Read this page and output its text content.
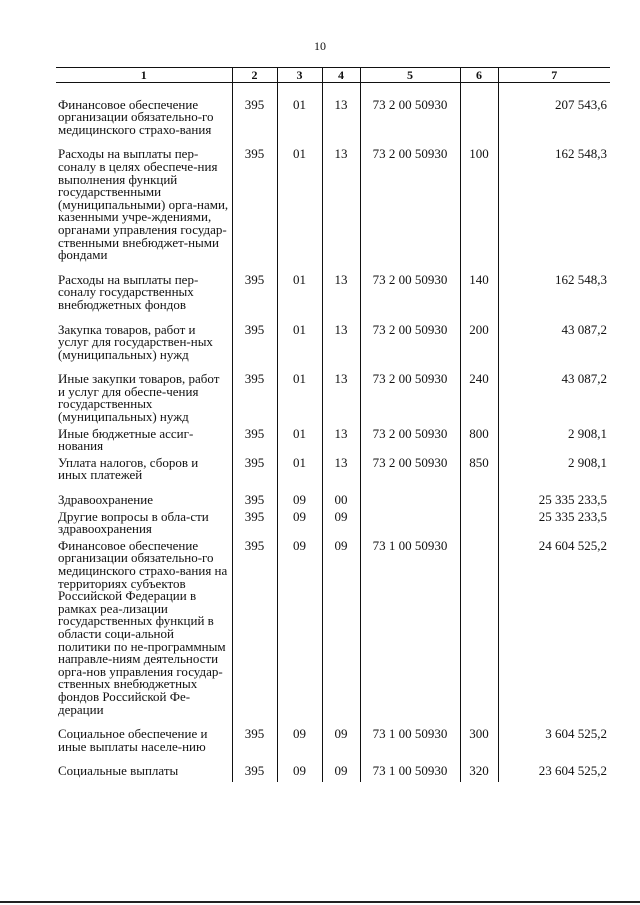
10
1	2	3	4	5	6	7
Финансовое обеспечение организации обязательно-го медицинского страхо-вания	395	01	13	73 2 00 50930		207 543,6
Расходы на выплаты пер-соналу в целях обеспече-ния выполнения функций государственными (муниципальными) орга-нами, казенными учре-ждениями, органами управления государ-ственными внебюджет-ными фондами	395	01	13	73 2 00 50930	100	162 548,3
Расходы на выплаты пер-соналу государственных внебюджетных фондов	395	01	13	73 2 00 50930	140	162 548,3
Закупка товаров, работ и услуг для государствен-ных (муниципальных) нужд	395	01	13	73 2 00 50930	200	43 087,2
Иные закупки товаров, работ и услуг для обеспе-чения государственных (муниципальных) нужд	395	01	13	73 2 00 50930	240	43 087,2
Иные бюджетные ассиг-нования	395	01	13	73 2 00 50930	800	2 908,1
Уплата налогов, сборов и иных платежей	395	01	13	73 2 00 50930	850	2 908,1
Здравоохранение	395	09	00			25 335 233,5
Другие вопросы в обла-сти здравоохранения	395	09	09			25 335 233,5
Финансовое обеспечение организации обязательно-го медицинского страхо-вания на территориях субъектов Российской Федерации в рамках реа-лизации государственных функций в области соци-альной политики по не-программным направле-ниям деятельности орга-нов управления государ-ственных внебюджетных фондов Российской Фе-дерации	395	09	09	73 1 00 50930		24 604 525,2
Социальное обеспечение и иные выплаты населе-нию	395	09	09	73 1 00 50930	300	3 604 525,2
Социальные выплаты	395	09	09	73 1 00 50930	320	23 604 525,2
